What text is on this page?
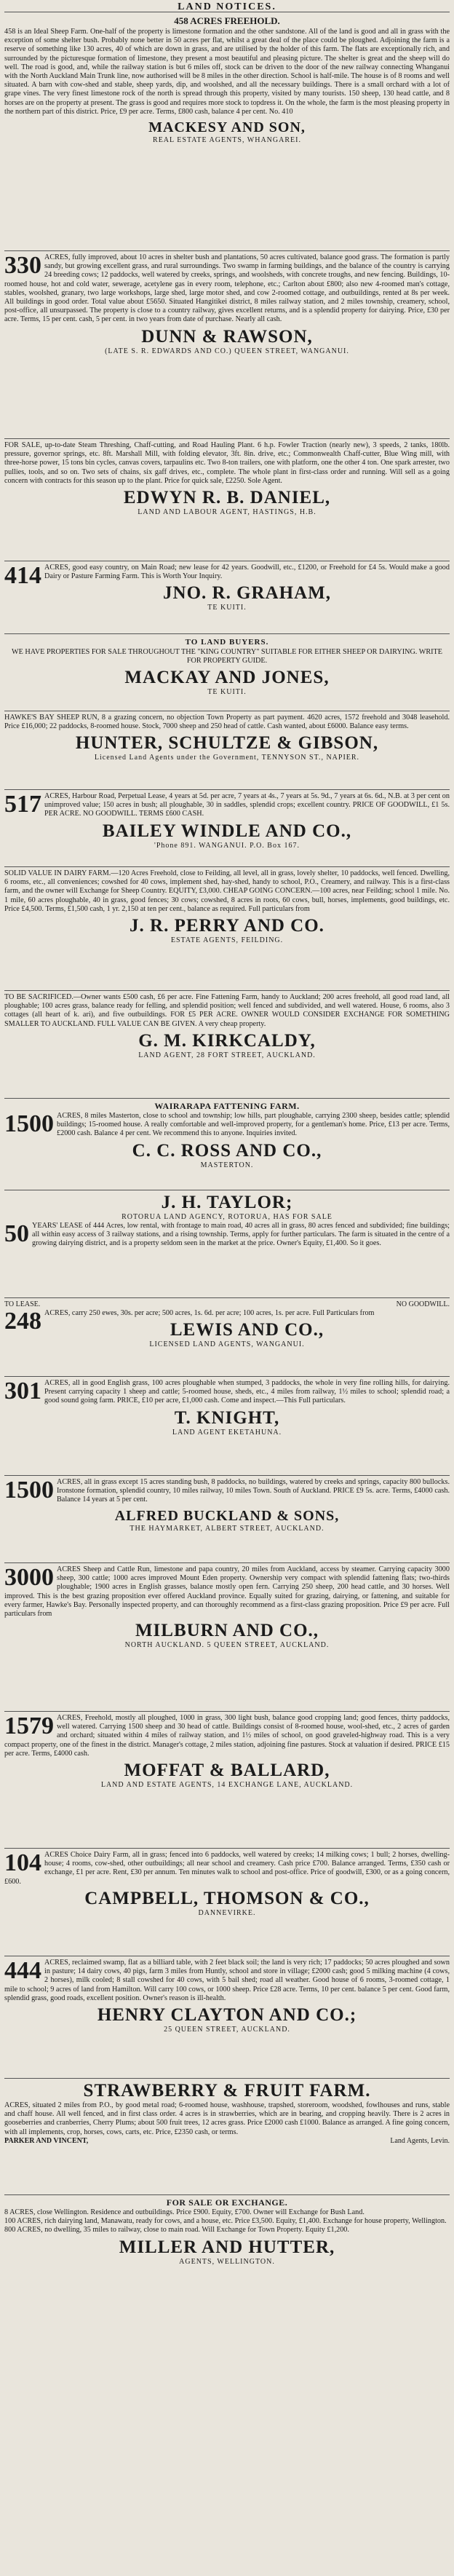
LAND NOTICES.
458 ACRES FREEHOLD.

458 is an Ideal Sheep Farm. One-half of the property is limestone formation and the other sandstone. All of the land is good and all in grass with the exception of some shelter bush. Probably none better in 50 acres per flat, whilst a great deal of the place could be ploughed. Adjoining the farm is a reserve of something like 130 acres, 40 of which are down in grass, and are utilised by the holder of this farm. The flats are exceptionally rich, and surrounded by the picturesque formation of limestone, they present a most beautiful and pleasing picture. The shelter is great and the sheep will do well. The road is good, and, while the railway station is but 6 miles off, stock can be driven to the door of the new railway connecting Whanganui with the North Auckland Main Trunk line, now authorised will be 8 miles in the other direction. School is half-mile. The house is of 8 rooms and well situated. A barn with cow-shed and stable, sheep yards, dip, and woolshed, and all the necessary buildings. There is a small orchard with a lot of grape vines. The very finest limestone rock of the north is spread through this property, visited by many tourists. 150 sheep, 130 head cattle, and 8 horses are on the property at present. The grass is good and requires more stock to topdress it. On the whole, the farm is the most pleasing property in the northern part of this district. Price, £9 per acre. Terms, £800 cash, balance 4 per cent. No. 410

MACKESY AND SON,
REAL ESTATE AGENTS, WHANGAREI.
330 ACRES, fully improved, about 10 acres in shelter bush and plantations, 50 acres cultivated, balance good grass. The formation is partly sandy, but growing excellent grass, and rural surroundings. Two swamp in farming buildings, and the balance of the country is carrying 24 breeding cows; 12 paddocks, well watered by creeks, springs, and woolsheds, with concrete troughs, and new fencing. Buildings, 10-roomed house, hot and cold water, sewerage, acetylene gas in every room, telephone, etc.; Carlton about £800; also new 4-roomed man's cottage, stables, woolshed, granary, two large workshops, large shed, large motor shed, and cow 2-roomed cottage, and outbuildings, rented at 8s per week. All buildings in good order. Total value about £5650. Situated Hangitikei district, 8 miles railway station, and 2 miles township, creamery, school, post-office, all unsurpassed. The property is close to a country railway, gives excellent returns, and is a splendid property for dairying. Price, £30 per acre. Terms, 15 per cent. cash, 5 per cent. in two years from date of purchase. Nearly all cash.

DUNN & RAWSON,
(LATE S. R. EDWARDS AND CO.) QUEEN STREET, WANGANUI.

FOR SALE, up-to-date Steam Threshing, Chaff-cutting, and Road Hauling Plant. 6 h.p. Fowler Traction (nearly new), 3 speeds, 2 tanks, 180lb. pressure, governor springs, etc. 8ft. Marshall Mill, with folding elevator, 3ft. 8in. drive, etc.; Commonwealth Chaff-cutter, Blue Wing mill, with three-horse power, 15 tons bin cycles, canvas covers, tarpaulins etc. Two 8-ton trailers, one with platform, one the other 4 ton. One spark arrester, two pullies, tools, and so on. Two sets of chains, six gaff drives, etc., complete. The whole plant in first-class order and running. Will sell as a going concern with contracts for this season up to the plant. Price for quick sale, £2250. Sole Agent.

EDWYN R. B. DANIEL,
LAND AND LABOUR AGENT, HASTINGS, H.B.
414 ACRES, good easy country, on Main Road; new lease for 42 years. Goodwill, etc., £1200, or Freehold for £4 5s. Would make a good Dairy or Pasture Farming Farm. This is Worth Your Inquiry.

JNO. R. GRAHAM,
TE KUITI.
TO LAND BUYERS.

WE HAVE PROPERTIES FOR SALE THROUGHOUT THE "KING COUNTRY" SUITABLE FOR EITHER SHEEP OR DAIRYING. WRITE FOR PROPERTY GUIDE.

MACKAY AND JONES,
TE KUITI.

HAWKE'S BAY SHEEP RUN, 8 a grazing concern, no objection Town Property as part payment. 4620 acres, 1572 freehold and 3048 leasehold. Price £16,000; 22 paddocks, 8-roomed house. Stock, 7000 sheep and 250 head of cattle. Cash wanted, about £6000. Balance easy terms.

HUNTER, SCHULTZE & GIBSON,
Licensed Land Agents under the Government, TENNYSON ST., NAPIER.
517 ACRES, Harbour Road, Perpetual Lease, 4 years at 5d. per acre, 7 years at 4s., 7 years at 5s. 9d., 7 years at 6s. 6d., N.B. at 3 per cent on unimproved value; 150 acres in bush; all ploughable, 30 in saddles, splendid crops; excellent country. PRICE OF GOODWILL, £1 5s. PER ACRE. NO GOODWILL. TERMS £600 CASH.

BAILEY WINDLE AND CO.,
'Phone 891. WANGANUI. P.O. Box 167.

SOLID VALUE IN DAIRY FARM.—120 Acres Freehold, close to Feilding, all level, all in grass, lovely shelter, 10 paddocks, well fenced. Dwelling, 6 rooms, etc., all conveniences; cowshed for 40 cows, implement shed, hay-shed, handy to school, P.O., Creamery, and railway. This is a first-class farm, and the owner will Exchange for Sheep Country. EQUITY, £3,000. CHEAP GOING CONCERN.—100 acres, near Feilding; school 1 mile. No. 1 mile, 60 acres ploughable, 40 in grass, good fences; 30 cows; cowshed, 8 acres in roots, 60 cows, bull, horses, implements, good buildings, etc. Price £4,500. Terms, £1,500 cash, 1 yr. 2,150 at ten per cent., balance as required. Full particulars from

J. R. PERRY AND CO.
ESTATE AGENTS, FEILDING.

TO BE SACRIFICED.—Owner wants £500 cash, £6 per acre. Fine Fattening Farm, handy to Auckland; 200 acres freehold, all good road land, all ploughable; 100 acres grass, balance ready for felling, and splendid position; well fenced and subdivided, and well watered. House, 6 rooms, also 3 cottages (all heart of k. ari), and five outbuildings. FOR £5 PER ACRE. OWNER WOULD CONSIDER EXCHANGE FOR SOMETHING SMALLER TO AUCKLAND. FULL VALUE CAN BE GIVEN. A very cheap property.

G. M. KIRKCALDY,
LAND AGENT, 28 FORT STREET, AUCKLAND.
WAIRARAPA FATTENING FARM.
1500 ACRES, 8 miles Masterton, close to school and township; low hills, part ploughable, carrying 2300 sheep, besides cattle; splendid buildings; 15-roomed house. A really comfortable and well-improved property, for a gentleman's home. Price, £13 per acre. Terms, £2000 cash. Balance 4 per cent. We recommend this to anyone. Inquiries invited.

C. C. ROSS AND CO.,
MASTERTON.
J. H. TAYLOR;
ROTORUA LAND AGENCY, ROTORUA, HAS FOR SALE
50 YEARS' LEASE of 444 Acres, low rental, with frontage to main road, 40 acres all in grass, 80 acres fenced and subdivided; fine buildings; all within easy access of 3 railway stations, and a rising township. Terms, apply for further particulars. The farm is situated in the centre of a growing dairying district, and is a property seldom seen in the market at the price. Owner's Equity, £1,400. So it goes.

TO LEASE.	NO GOODWILL.
248 ACRES, carry 250 ewes, 30s. per acre; 500 acres, 1s. 6d. per acre; 100 acres, 1s. per acre. Full Particulars from

LEWIS AND CO.,
LICENSED LAND AGENTS, WANGANUI.
301 ACRES, all in good English grass, 100 acres ploughable when stumped, 3 paddocks, the whole in very fine rolling hills, for dairying. Present carrying capacity 1 sheep and cattle; 5-roomed house, sheds, etc., 4 miles from railway, 1½ miles to school; splendid road; a good sound going farm. PRICE, £10 per acre, £1,000 cash. Come and inspect.—This Full particulars.

T. KNIGHT,
LAND AGENT EKETAHUNA.
1500 ACRES, all in grass except 15 acres standing bush, 8 paddocks, no buildings, watered by creeks and springs, capacity 800 bullocks. Ironstone formation, splendid country, 10 miles railway, 10 miles Town. South of Auckland. PRICE £9 5s. acre. Terms, £4000 cash. Balance 14 years at 5 per cent.

ALFRED BUCKLAND & SONS,
THE HAYMARKET, ALBERT STREET, AUCKLAND.
3000 ACRES Sheep and Cattle Run, limestone and papa country, 20 miles from Auckland, access by steamer. Carrying capacity 3000 sheep, 300 cattle; 1000 acres improved Mount Eden property. Ownership very compact with splendid fattening flats; two-thirds ploughable; 1900 acres in English grasses, balance mostly open fern. Carrying 250 sheep, 200 head cattle, and 30 horses. Well improved. This is the best grazing proposition ever offered Auckland province. Equally suited for grazing, dairying, or fattening, and suitable for every farmer, Hawke's Bay. Personally inspected property, and can thoroughly recommend as a first-class grazing proposition. Price £9 per acre. Full particulars from

MILBURN AND CO.,
NORTH AUCKLAND. 5 QUEEN STREET, AUCKLAND.
1579 ACRES, Freehold, mostly all ploughed, 1000 in grass, 300 light bush, balance good cropping land; good fences, thirty paddocks, well watered. Carrying 1500 sheep and 30 head of cattle. Buildings consist of 8-roomed house, wool-shed, etc., 2 acres of garden and orchard; situated within 4 miles of railway station, and 1½ miles of school, on good graveled-highway road. This is a very compact property, one of the finest in the district. Manager's cottage, 2 miles station, adjoining fine pastures. Stock at valuation if desired. PRICE £15 per acre. Terms, £4000 cash.

MOFFAT & BALLARD,
LAND AND ESTATE AGENTS, 14 EXCHANGE LANE, AUCKLAND.
104 ACRES Choice Dairy Farm, all in grass; fenced into 6 paddocks, well watered by creeks; 14 milking cows; 1 bull; 2 horses, dwelling-house; 4 rooms, cow-shed, other outbuildings; all near school and creamery. Cash price £700. Balance arranged. Terms, £350 cash or exchange, £1 per acre. Rent, £30 per annum. Ten minutes walk to school and post-office. Price of goodwill, £300, or as a going concern, £600.

CAMPBELL, THOMSON & CO.,
DANNEVIRKE.
444 ACRES, reclaimed swamp, flat as a billiard table, with 2 feet black soil; the land is very rich; 17 paddocks; 50 acres ploughed and sown in pasture; 14 dairy cows, 40 pigs, farm 3 miles from Huntly, school and store in village; £2000 cash; good 5 milking machine (4 cows, 2 horses), milk cooled; 8 stall cowshed for 40 cows, with 5 bail shed; road all weather. Good house of 6 rooms, 3-roomed cottage, 1 mile to school; 9 acres of land from Hamilton. Will carry 100 cows, or 1000 sheep. Price £28 acre. Terms, 10 per cent. balance 5 per cent. Good farm, splendid grass, good roads, excellent position. Owner's reason is ill-health.

HENRY CLAYTON AND CO.;
25 QUEEN STREET, AUCKLAND.
STRAWBERRY & FRUIT FARM.

ACRES, situated 2 miles from P.O., by good metal road; 6-roomed house, washhouse, trapshed, storeroom, woodshed, fowlhouses and runs, stable and chaff house. All well fenced, and in first class order. 4 acres is in strawberries, which are in bearing, and cropping heavily. There is 2 acres in gooseberries and cranberries, Cherry Plums; about 500 fruit trees, 12 acres grass. Price £2000 cash £1000. Balance as arranged. A fine going concern, with all implements, crop, horses, cows, carts, etc. Price, £2350 cash, or terms.

PARKER AND VINCENT,	Land Agents, Levin.
FOR SALE OR EXCHANGE.

8 ACRES, close Wellington. Residence and outbuildings. Price £900. Equity, £700. Owner will Exchange for Bush Land.

100 ACRES, rich dairying land, Manawatu, ready for cows, and a house, etc. Price £3,500. Equity, £1,400. Exchange for house property, Wellington.

800 ACRES, no dwelling, 35 miles to railway, close to main road. Will Exchange for Town Property. Equity £1,200.

MILLER AND HUTTER,
AGENTS, WELLINGTON.
